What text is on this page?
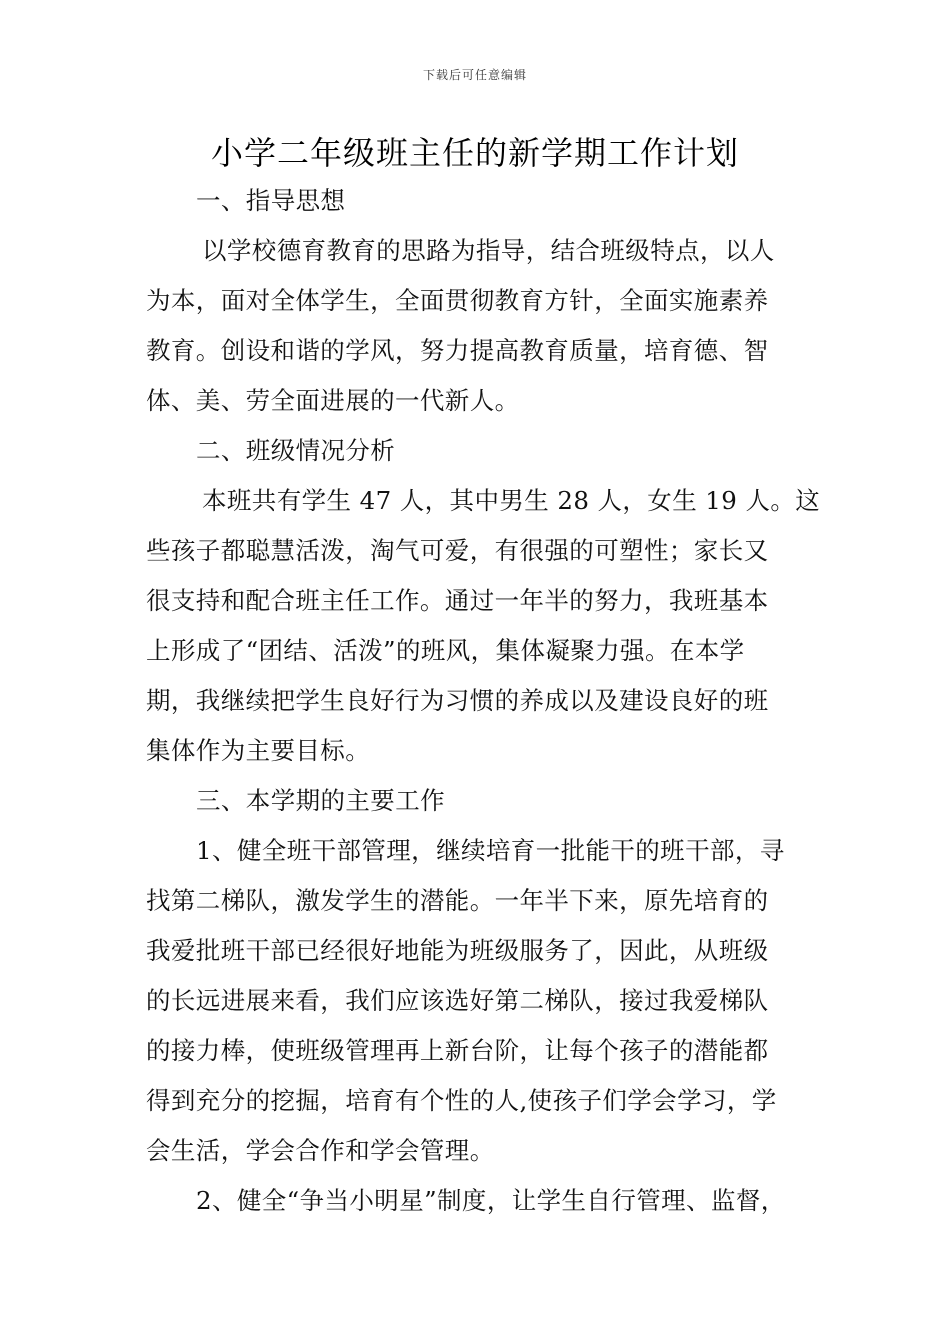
下载后可任意编辑
小学二年级班主任的新学期工作计划
一、指导思想
以学校德育教育的思路为指导，结合班级特点，以人
为本，面对全体学生，全面贯彻教育方针，全面实施素养
教育。创设和谐的学风，努力提高教育质量，培育德、智
体、美、劳全面进展的一代新人。
二、班级情况分析
本班共有学生 47 人，其中男生 28 人，女生 19 人。这
些孩子都聪慧活泼，淘气可爱，有很强的可塑性；家长又
很支持和配合班主任工作。通过一年半的努力，我班基本
上形成了“团结、活泼”的班风，集体凝聚力强。在本学
期，我继续把学生良好行为习惯的养成以及建设良好的班
集体作为主要目标。
三、本学期的主要工作
1、健全班干部管理，继续培育一批能干的班干部，寻
找第二梯队，激发学生的潜能。一年半下来，原先培育的
我爱批班干部已经很好地能为班级服务了，因此，从班级
的长远进展来看，我们应该选好第二梯队，接过我爱梯队
的接力棒，使班级管理再上新台阶，让每个孩子的潜能都
得到充分的挖掘，培育有个性的人,使孩子们学会学习，学
会生活，学会合作和学会管理。
2、健全“争当小明星”制度，让学生自行管理、监督，
